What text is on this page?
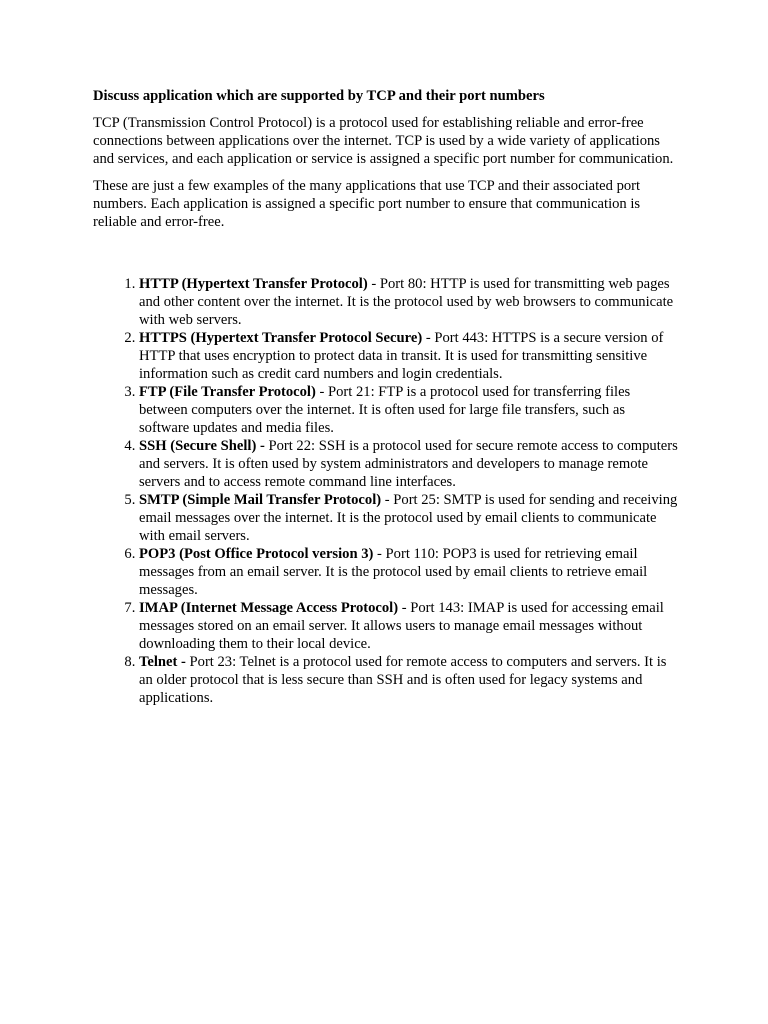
Discuss application which are supported by TCP and their port numbers

TCP (Transmission Control Protocol) is a protocol used for establishing reliable and error-free connections between applications over the internet. TCP is used by a wide variety of applications and services, and each application or service is assigned a specific port number for communication.

These are just a few examples of the many applications that use TCP and their associated port numbers. Each application is assigned a specific port number to ensure that communication is reliable and error-free.

1. HTTP (Hypertext Transfer Protocol) - Port 80: HTTP is used for transmitting web pages and other content over the internet. It is the protocol used by web browsers to communicate with web servers.
2. HTTPS (Hypertext Transfer Protocol Secure) - Port 443: HTTPS is a secure version of HTTP that uses encryption to protect data in transit. It is used for transmitting sensitive information such as credit card numbers and login credentials.
3. FTP (File Transfer Protocol) - Port 21: FTP is a protocol used for transferring files between computers over the internet. It is often used for large file transfers, such as software updates and media files.
4. SSH (Secure Shell) - Port 22: SSH is a protocol used for secure remote access to computers and servers. It is often used by system administrators and developers to manage remote servers and to access remote command line interfaces.
5. SMTP (Simple Mail Transfer Protocol) - Port 25: SMTP is used for sending and receiving email messages over the internet. It is the protocol used by email clients to communicate with email servers.
6. POP3 (Post Office Protocol version 3) - Port 110: POP3 is used for retrieving email messages from an email server. It is the protocol used by email clients to retrieve email messages.
7. IMAP (Internet Message Access Protocol) - Port 143: IMAP is used for accessing email messages stored on an email server. It allows users to manage email messages without downloading them to their local device.
8. Telnet - Port 23: Telnet is a protocol used for remote access to computers and servers. It is an older protocol that is less secure than SSH and is often used for legacy systems and applications.
